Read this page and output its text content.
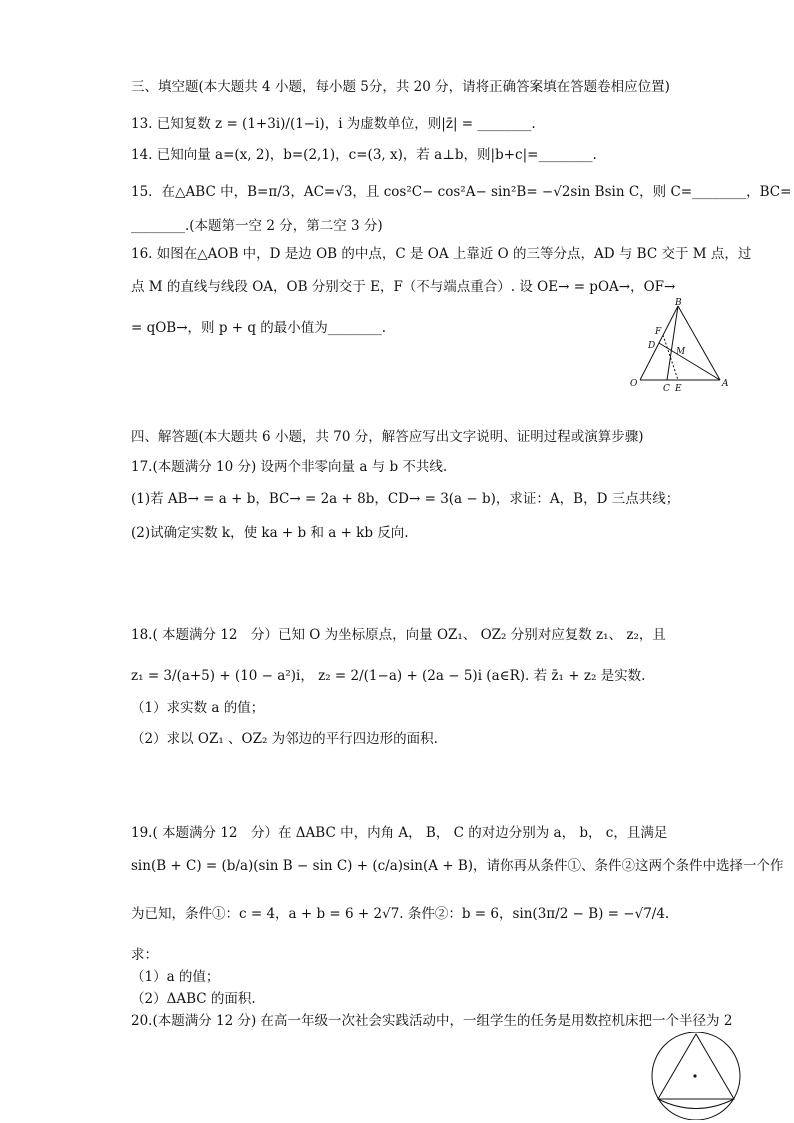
三、填空题(本大题共 4 小题，每小题 5分，共 20 分，请将正确答案填在答题卷相应位置)
13. 已知复数 z = (1+3i)/(1−i)，i 为虚数单位，则|z̄| = ________.
14. 已知向量 a=(x, 2)，b=(2,1)，c=(3, x)，若 a⊥b，则|b+c|=________.
15．在△ABC 中，B=π/3，AC=√3，且 cos²C− cos²A− sin²B= −√2sin Bsin C，则 C=________，BC=
________.(本题第一空 2 分，第二空 3 分)
16. 如图在△AOB 中，D 是边 OB 的中点，C 是 OA 上靠近 O 的三等分点，AD 与 BC 交于 M 点，过
点 M 的直线与线段 OA，OB 分别交于 E，F（不与端点重合）. 设 OE→ = pOA→，OF→
= qOB→，则 p + q 的最小值为________.
B
F
D
M
O	C E	A
四、解答题(本大题共 6 小题，共 70 分，解答应写出文字说明、证明过程或演算步骤)
17.(本题满分 10 分) 设两个非零向量 a 与 b 不共线.
(1)若 AB→ = a + b，BC→ = 2a + 8b，CD→ = 3(a − b)，求证：A，B，D 三点共线；
(2)试确定实数 k，使 ka + b 和 a + kb 反向.
18.( 本题满分 12　分）已知 O 为坐标原点，向量 OZ₁、 OZ₂ 分别对应复数 z₁、 z₂，且
z₁ = 3/(a+5) + (10 − a²)i， z₂ = 2/(1−a) + (2a − 5)i (a∈R). 若 z̄₁ + z₂ 是实数.
（1）求实数 a 的值；
（2）求以 OZ₁ 、OZ₂ 为邻边的平行四边形的面积.
19.( 本题满分 12　分）在 ΔABC 中，内角 A， B， C 的对边分别为 a， b， c，且满足
sin(B + C) = (b/a)(sin B − sin C) + (c/a)sin(A + B)，请你再从条件①、条件②这两个条件中选择一个作
为已知，条件①：c = 4，a + b = 6 + 2√7. 条件②：b = 6，sin(3π/2 − B) = −√7/4.
求：
（1）a 的值；
（2）ΔABC 的面积.
20.(本题满分 12 分) 在高一年级一次社会实践活动中，一组学生的任务是用数控机床把一个半径为 2
